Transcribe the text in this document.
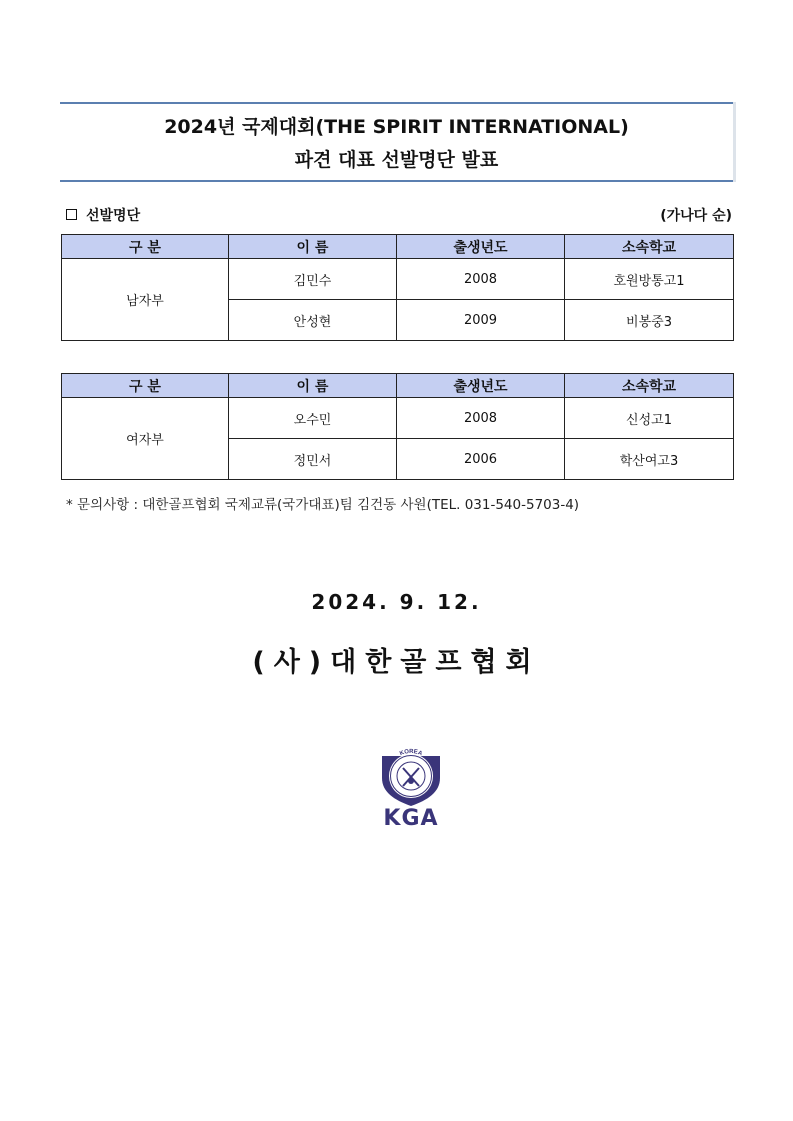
2024년 국제대회(THE SPIRIT INTERNATIONAL)
파견 대표 선발명단 발표
선발명단	(가나다 순)
구 분	이 름	출생년도	소속학교
남자부	김민수	2008	호원방통고1
	안성현	2009	비봉중3
구 분	이 름	출생년도	소속학교
여자부	오수민	2008	신성고1
	정민서	2006	학산여고3
* 문의사항 : 대한골프협회 국제교류(국가대표)팀 김건동 사원(TEL. 031-540-5703-4)
2024. 9. 12.
(사)대한골프협회
KOREA
GOLF ASSOCIATION
KGA
